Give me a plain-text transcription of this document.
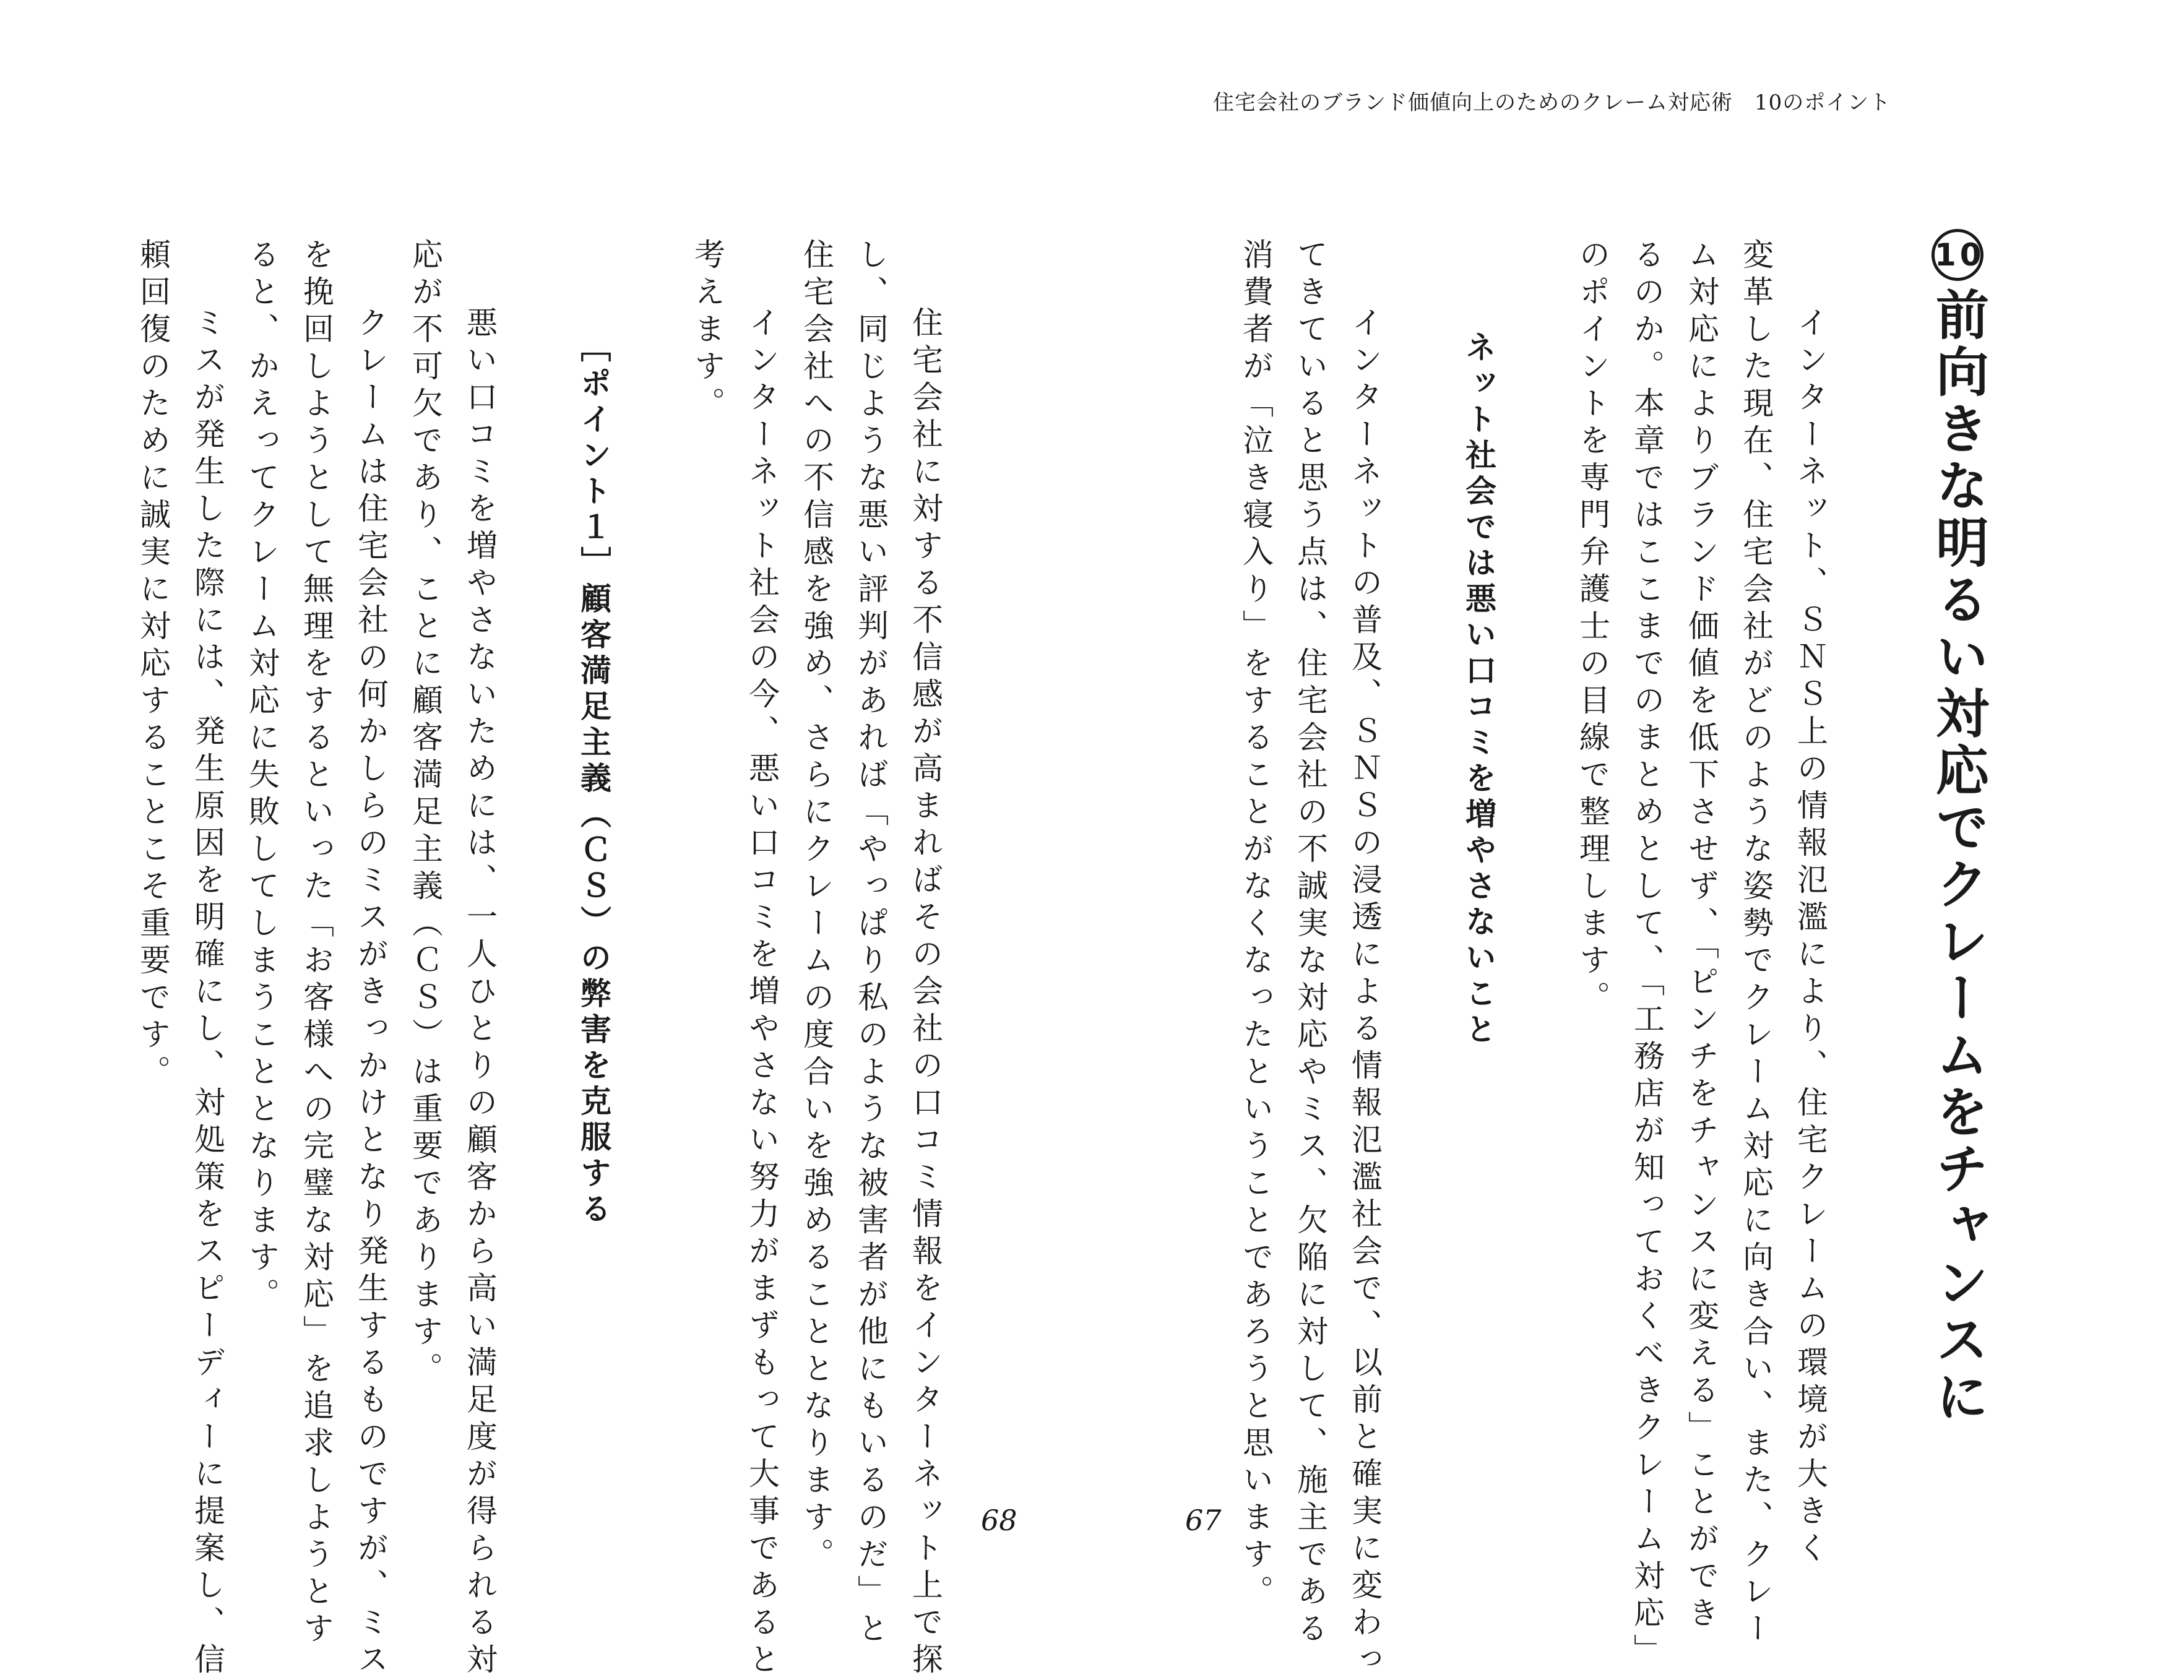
住宅会社のブランド価値向上のためのクレーム対応術　10のポイント
10前向きな明るい対応でクレームをチャンスに

　インターネット、ＳＮＳ上の情報氾濫により、住宅クレームの環境が大きく

変革した現在、住宅会社がどのような姿勢でクレーム対応に向き合い、また、クレー

ム対応によりブランド価値を低下させず、「ピンチをチャンスに変える」ことができ

るのか。本章ではここまでのまとめとして、「工務店が知っておくべきクレーム対応」

のポイントを専門弁護士の目線で整理します。

ネット社会では悪い口コミを増やさないこと

　インターネットの普及、ＳＮＳの浸透による情報氾濫社会で、以前と確実に変わっ

てきていると思う点は、住宅会社の不誠実な対応やミス、欠陥に対して、施主である

消費者が「泣き寝入り」をすることがなくなったということであろうと思います。

　住宅会社に対する不信感が高まればその会社の口コミ情報をインターネット上で探

し、同じような悪い評判があれば「やっぱり私のような被害者が他にもいるのだ」と

住宅会社への不信感を強め、さらにクレームの度合いを強めることとなります。

　インターネット社会の今、悪い口コミを増やさない努力がまずもって大事であると

考えます。

［ポイント１］顧客満足主義（ＣＳ）の弊害を克服する

　悪い口コミを増やさないためには、一人ひとりの顧客から高い満足度が得られる対

応が不可欠であり、ことに顧客満足主義（ＣＳ）は重要であります。

　クレームは住宅会社の何かしらのミスがきっかけとなり発生するものですが、ミス

を挽回しようとして無理をするといった「お客様への完璧な対応」を追求しようとす

ると、かえってクレーム対応に失敗してしまうこととなります。

　ミスが発生した際には、発生原因を明確にし、対処策をスピーディーに提案し、信

頼回復のために誠実に対応することこそ重要です。

68	67
